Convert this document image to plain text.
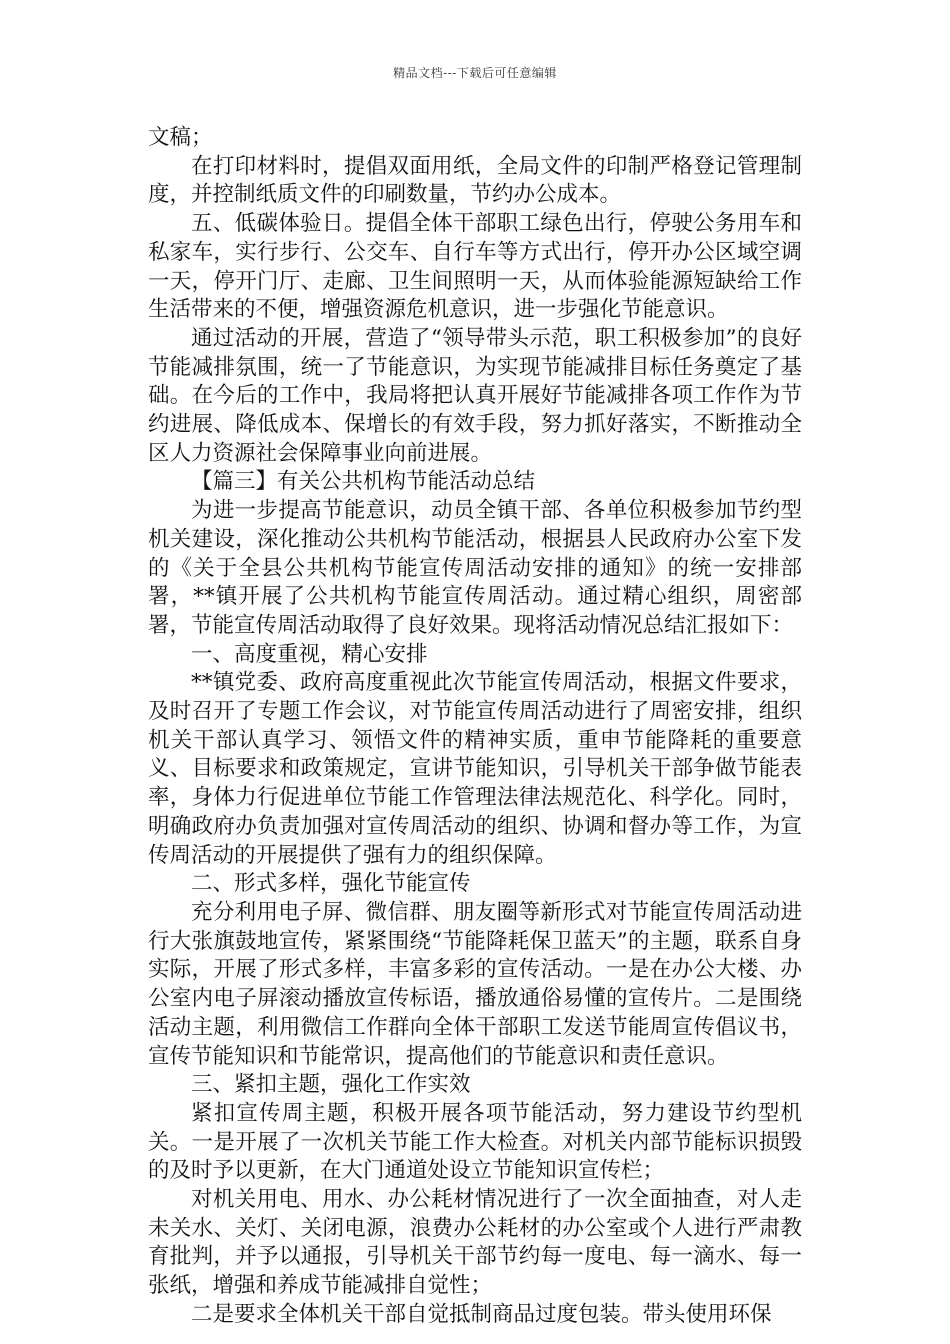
精品文档---下载后可任意编辑

文稿；

在打印材料时，提倡双面用纸，全局文件的印制严格登记管理制度，并控制纸质文件的印刷数量，节约办公成本。

五、低碳体验日。提倡全体干部职工绿色出行，停驶公务用车和私家车，实行步行、公交车、自行车等方式出行，停开办公区域空调一天，停开门厅、走廊、卫生间照明一天，从而体验能源短缺给工作生活带来的不便，增强资源危机意识，进一步强化节能意识。

通过活动的开展，营造了“领导带头示范，职工积极参加”的良好节能减排氛围，统一了节能意识，为实现节能减排目标任务奠定了基础。在今后的工作中，我局将把认真开展好节能减排各项工作作为节约进展、降低成本、保增长的有效手段，努力抓好落实，不断推动全区人力资源社会保障事业向前进展。

【篇三】有关公共机构节能活动总结

为进一步提高节能意识，动员全镇干部、各单位积极参加节约型机关建设，深化推动公共机构节能活动，根据县人民政府办公室下发的《关于全县公共机构节能宣传周活动安排的通知》的统一安排部署，**镇开展了公共机构节能宣传周活动。通过精心组织，周密部署，节能宣传周活动取得了良好效果。现将活动情况总结汇报如下：

一、高度重视，精心安排

**镇党委、政府高度重视此次节能宣传周活动，根据文件要求，及时召开了专题工作会议，对节能宣传周活动进行了周密安排，组织机关干部认真学习、领悟文件的精神实质，重申节能降耗的重要意义、目标要求和政策规定，宣讲节能知识，引导机关干部争做节能表率，身体力行促进单位节能工作管理法律法规范化、科学化。同时，明确政府办负责加强对宣传周活动的组织、协调和督办等工作，为宣传周活动的开展提供了强有力的组织保障。

二、形式多样，强化节能宣传

充分利用电子屏、微信群、朋友圈等新形式对节能宣传周活动进行大张旗鼓地宣传，紧紧围绕“节能降耗保卫蓝天”的主题，联系自身实际，开展了形式多样，丰富多彩的宣传活动。一是在办公大楼、办公室内电子屏滚动播放宣传标语，播放通俗易懂的宣传片。二是围绕活动主题，利用微信工作群向全体干部职工发送节能周宣传倡议书，宣传节能知识和节能常识，提高他们的节能意识和责任意识。

三、紧扣主题，强化工作实效

紧扣宣传周主题，积极开展各项节能活动，努力建设节约型机关。一是开展了一次机关节能工作大检查。对机关内部节能标识损毁的及时予以更新，在大门通道处设立节能知识宣传栏；

对机关用电、用水、办公耗材情况进行了一次全面抽查，对人走未关水、关灯、关闭电源，浪费办公耗材的办公室或个人进行严肃教育批判，并予以通报，引导机关干部节约每一度电、每一滴水、每一张纸，增强和养成节能减排自觉性；

二是要求全体机关干部自觉抵制商品过度包装。带头使用环保
